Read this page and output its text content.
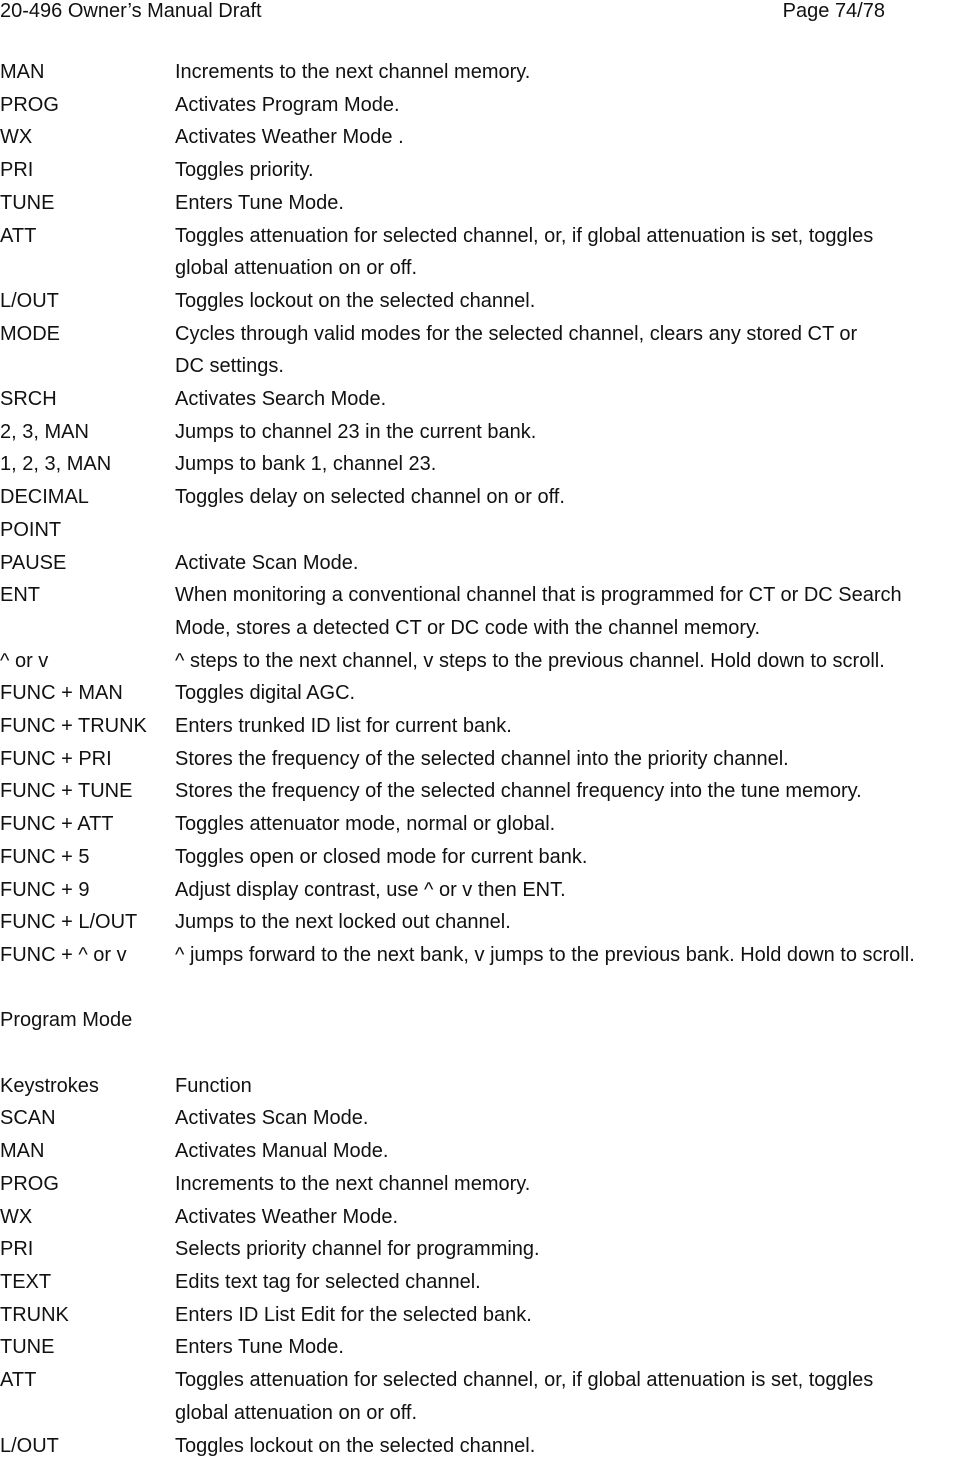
20-496 Owner’s Manual Draft	Page 74/78
MAN	Increments to the next channel memory.
PROG	Activates Program Mode.
WX	Activates Weather Mode .
PRI	Toggles priority.
TUNE	Enters Tune Mode.
ATT	Toggles attenuation for selected channel, or, if global attenuation is set, toggles
global attenuation on or off.
L/OUT	Toggles lockout on the selected channel.
MODE	Cycles through valid modes for the selected channel, clears any stored CT or
DC settings.
SRCH	Activates Search Mode.
2, 3, MAN	Jumps to channel 23 in the current bank.
1, 2, 3, MAN	Jumps to bank 1, channel 23.
DECIMAL	Toggles delay on selected channel on or off.
POINT
PAUSE	Activate Scan Mode.
ENT	When monitoring a conventional channel that is programmed for CT or DC Search
Mode, stores a detected CT or DC code with the channel memory.
^ or v	^ steps to the next channel, v steps to the previous channel. Hold down to scroll.
FUNC + MAN	Toggles digital AGC.
FUNC + TRUNK	Enters trunked ID list for current bank.
FUNC + PRI	Stores the frequency of the selected channel into the priority channel.
FUNC + TUNE	Stores the frequency of the selected channel frequency into the tune memory.
FUNC + ATT	Toggles attenuator mode, normal or global.
FUNC + 5	Toggles open or closed mode for current bank.
FUNC + 9	Adjust display contrast, use ^ or v then ENT.
FUNC + L/OUT	Jumps to the next locked out channel.
FUNC + ^ or v	^ jumps forward to the next bank, v jumps to the previous bank. Hold down to scroll.
Program Mode
Keystrokes	Function
SCAN	Activates Scan Mode.
MAN	Activates Manual Mode.
PROG	Increments to the next channel memory.
WX	Activates Weather Mode.
PRI	Selects priority channel for programming.
TEXT	Edits text tag for selected channel.
TRUNK	Enters ID List Edit for the selected bank.
TUNE	Enters Tune Mode.
ATT	Toggles attenuation for selected channel, or, if global attenuation is set, toggles
global attenuation on or off.
L/OUT	Toggles lockout on the selected channel.
